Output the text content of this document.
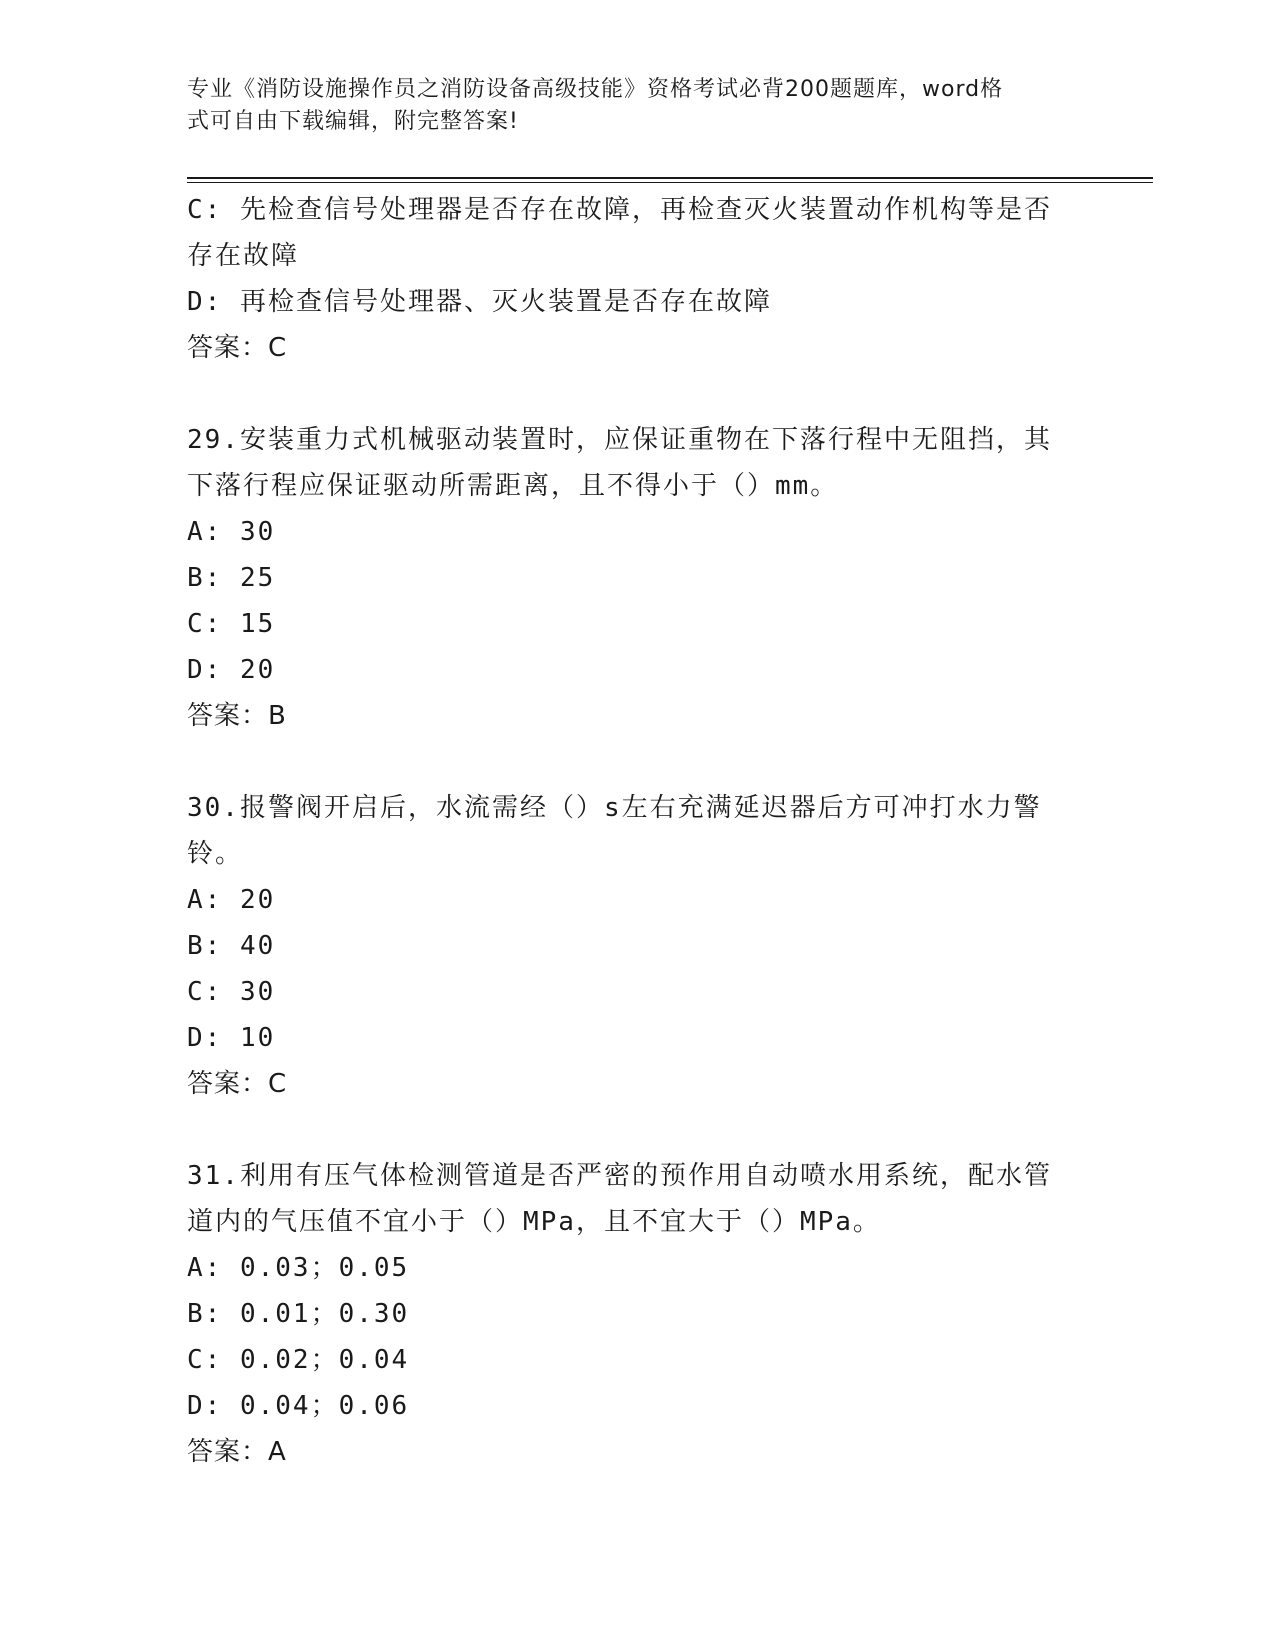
专业《消防设施操作员之消防设备高级技能》资格考试必背200题题库，word格
式可自由下载编辑，附完整答案!
C: 先检查信号处理器是否存在故障，再检查灭火装置动作机构等是否
存在故障
D: 再检查信号处理器、灭火装置是否存在故障
答案：C
29.安装重力式机械驱动装置时，应保证重物在下落行程中无阻挡，其
下落行程应保证驱动所需距离，且不得小于（）mm。
A: 30
B: 25
C: 15
D: 20
答案：B
30.报警阀开启后，水流需经（）s左右充满延迟器后方可冲打水力警
铃。
A: 20
B: 40
C: 30
D: 10
答案：C
31.利用有压气体检测管道是否严密的预作用自动喷水用系统，配水管
道内的气压值不宜小于（）MPa，且不宜大于（）MPa。
A: 0.03；0.05
B: 0.01；0.30
C: 0.02；0.04
D: 0.04；0.06
答案：A
